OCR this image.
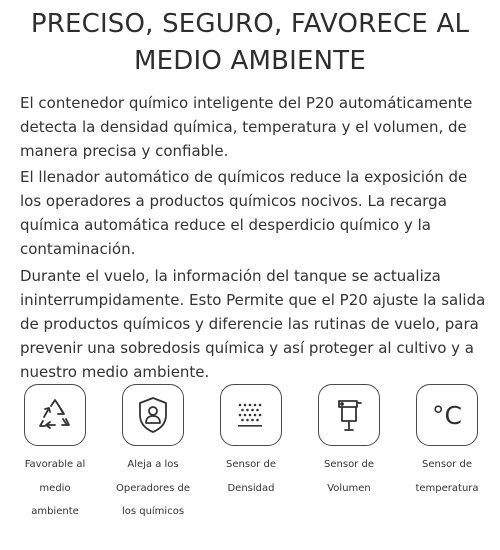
PRECISO, SEGURO, FAVORECE AL
MEDIO AMBIENTE

El contenedor químico inteligente del P20 automáticamente detecta la densidad química, temperatura y el volumen, de manera precisa y confiable.

El llenador automático de químicos reduce la exposición de los operadores a productos químicos nocivos. La recarga química automática reduce el desperdicio químico y la contaminación.

Durante el vuelo, la información del tanque se actualiza ininterrumpidamente. Esto Permite que el P20 ajuste la salida de productos químicos y diferencie las rutinas de vuelo, para prevenir una sobredosis química y así proteger al cultivo y a nuestro medio ambiente.

Favorable al medio ambiente
Aleja a los Operadores de los químicos
Sensor de Densidad
Sensor de Volumen
°C
Sensor de temperatura
